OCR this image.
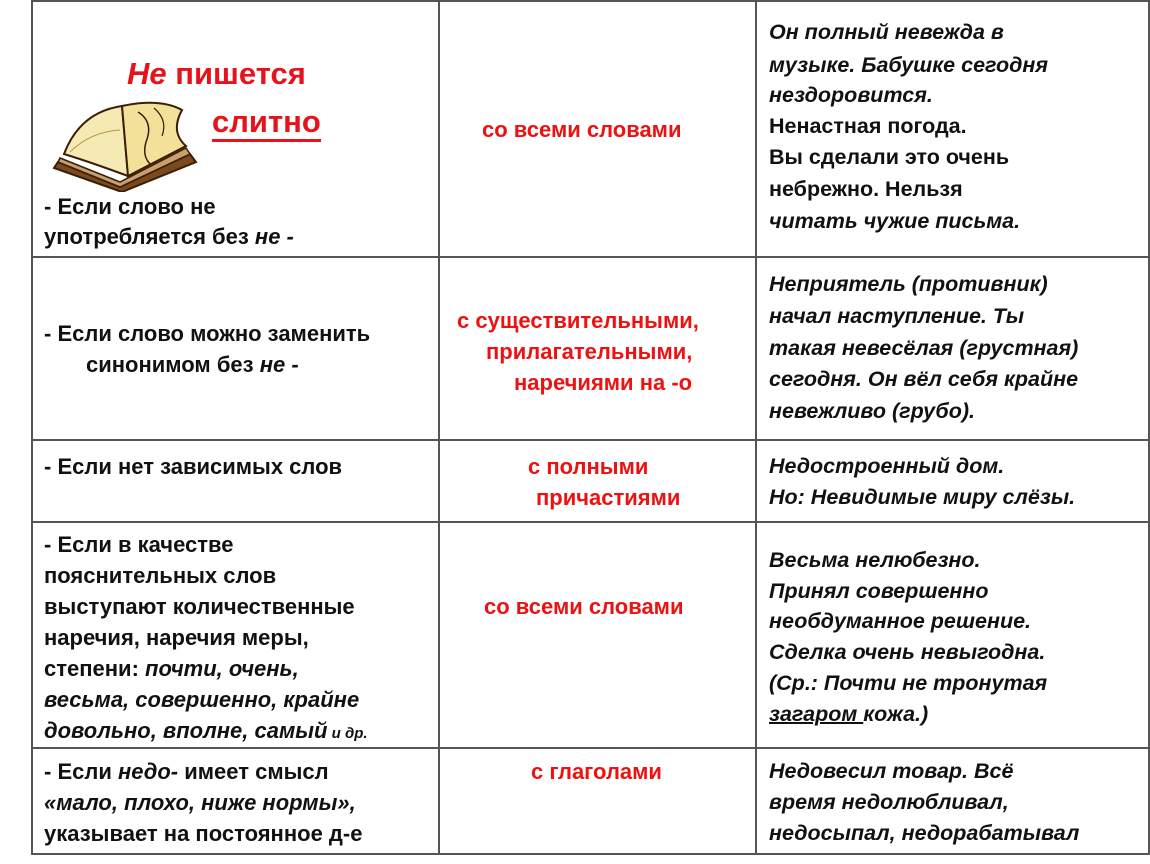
Не пишется
слитно
- Если слово не
употребляется без не -
со всеми словами
Он полный невежда в
музыке. Бабушке сегодня
нездоровится.
Ненастная погода.
Вы сделали это очень
небрежно. Нельзя
читать чужие письма.
- Если слово можно заменить
синонимом без не -
с существительными,
прилагательными,
наречиями на -о
Неприятель (противник)
начал наступление. Ты
такая невесёлая (грустная)
сегодня. Он вёл себя крайне
невежливо (грубо).
- Если нет зависимых слов	с полными
причастиями
Недостроенный дом.
Но: Невидимые миру слёзы.
- Если в качестве
пояснительных слов
выступают количественные
наречия, наречия меры,
степени: почти, очень,
весьма, совершенно, крайне
довольно, вполне, самый и др.
со всеми словами
Весьма нелюбезно.
Принял совершенно
необдуманное решение.
Сделка очень невыгодна.
(Ср.: Почти не тронутая
загаром кожа.)
- Если недо- имеет смысл
«мало, плохо, ниже нормы»,
указывает на постоянное д-е
с глаголами	Недовесил товар. Всё
время недолюбливал,
недосыпал, недорабатывал
